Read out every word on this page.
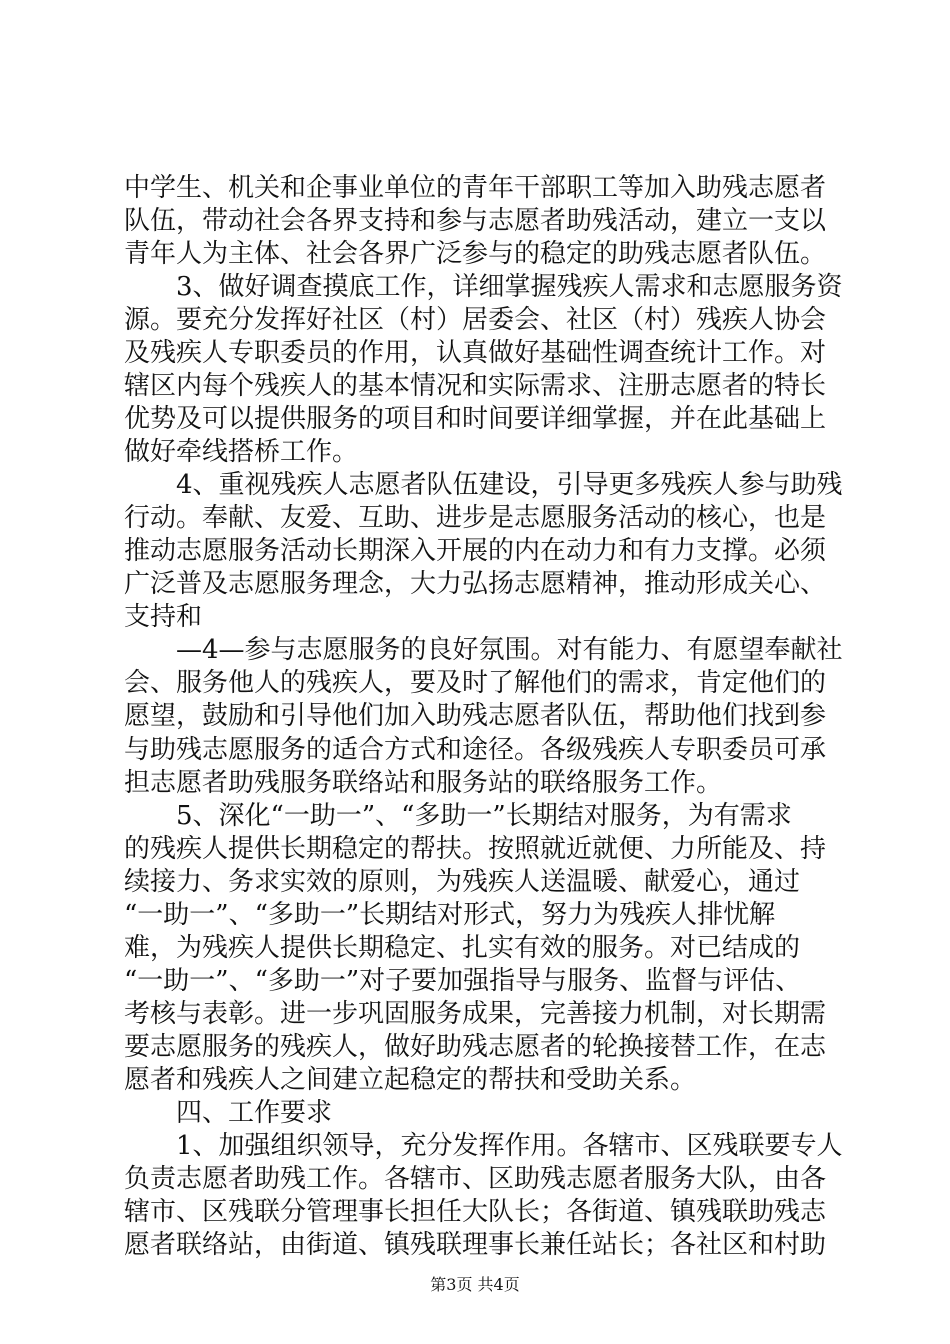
中学生、机关和企事业单位的青年干部职工等加入助残志愿者
队伍，带动社会各界支持和参与志愿者助残活动，建立一支以
青年人为主体、社会各界广泛参与的稳定的助残志愿者队伍。
　　3、做好调查摸底工作，详细掌握残疾人需求和志愿服务资
源。要充分发挥好社区（村）居委会、社区（村）残疾人协会
及残疾人专职委员的作用，认真做好基础性调查统计工作。对
辖区内每个残疾人的基本情况和实际需求、注册志愿者的特长
优势及可以提供服务的项目和时间要详细掌握，并在此基础上
做好牵线搭桥工作。
　　4、重视残疾人志愿者队伍建设，引导更多残疾人参与助残
行动。奉献、友爱、互助、进步是志愿服务活动的核心，也是
推动志愿服务活动长期深入开展的内在动力和有力支撑。必须
广泛普及志愿服务理念，大力弘扬志愿精神，推动形成关心、
支持和
　　—4—参与志愿服务的良好氛围。对有能力、有愿望奉献社
会、服务他人的残疾人，要及时了解他们的需求，肯定他们的
愿望，鼓励和引导他们加入助残志愿者队伍，帮助他们找到参
与助残志愿服务的适合方式和途径。各级残疾人专职委员可承
担志愿者助残服务联络站和服务站的联络服务工作。
　　5、深化“一助一”、“多助一”长期结对服务，为有需求
的残疾人提供长期稳定的帮扶。按照就近就便、力所能及、持
续接力、务求实效的原则，为残疾人送温暖、献爱心，通过
“一助一”、“多助一”长期结对形式，努力为残疾人排忧解
难，为残疾人提供长期稳定、扎实有效的服务。对已结成的
“一助一”、“多助一”对子要加强指导与服务、监督与评估、
考核与表彰。进一步巩固服务成果，完善接力机制，对长期需
要志愿服务的残疾人，做好助残志愿者的轮换接替工作，在志
愿者和残疾人之间建立起稳定的帮扶和受助关系。
　　四、工作要求
　　1、加强组织领导，充分发挥作用。各辖市、区残联要专人
负责志愿者助残工作。各辖市、区助残志愿者服务大队，由各
辖市、区残联分管理事长担任大队长；各街道、镇残联助残志
愿者联络站，由街道、镇残联理事长兼任站长；各社区和村助
第3页 共4页
